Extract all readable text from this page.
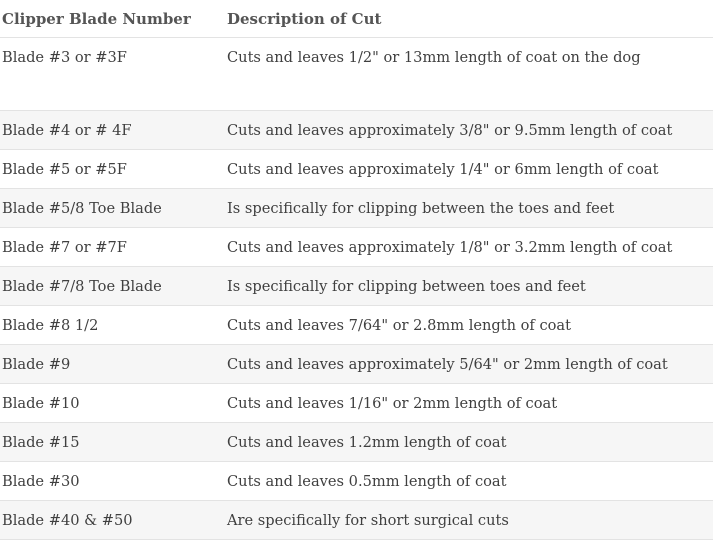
Clipper Blade Number	Description of Cut
Blade #3 or #3F	Cuts and leaves 1/2" or 13mm length of coat on the dog
Blade #4 or # 4F	Cuts and leaves approximately 3/8" or 9.5mm length of coat
Blade #5 or #5F	Cuts and leaves approximately 1/4" or 6mm length of coat
Blade #5/8 Toe Blade	Is specifically for clipping between the toes and feet
Blade #7 or #7F	Cuts and leaves approximately 1/8" or 3.2mm length of coat
Blade #7/8 Toe Blade	Is specifically for clipping between toes and feet
Blade #8 1/2	Cuts and leaves 7/64" or 2.8mm length of coat
Blade #9	Cuts and leaves approximately 5/64" or 2mm length of coat
Blade #10	Cuts and leaves 1/16" or 2mm length of coat
Blade #15	Cuts and leaves 1.2mm length of coat
Blade #30	Cuts and leaves 0.5mm length of coat
Blade #40 & #50	Are specifically for short surgical cuts
